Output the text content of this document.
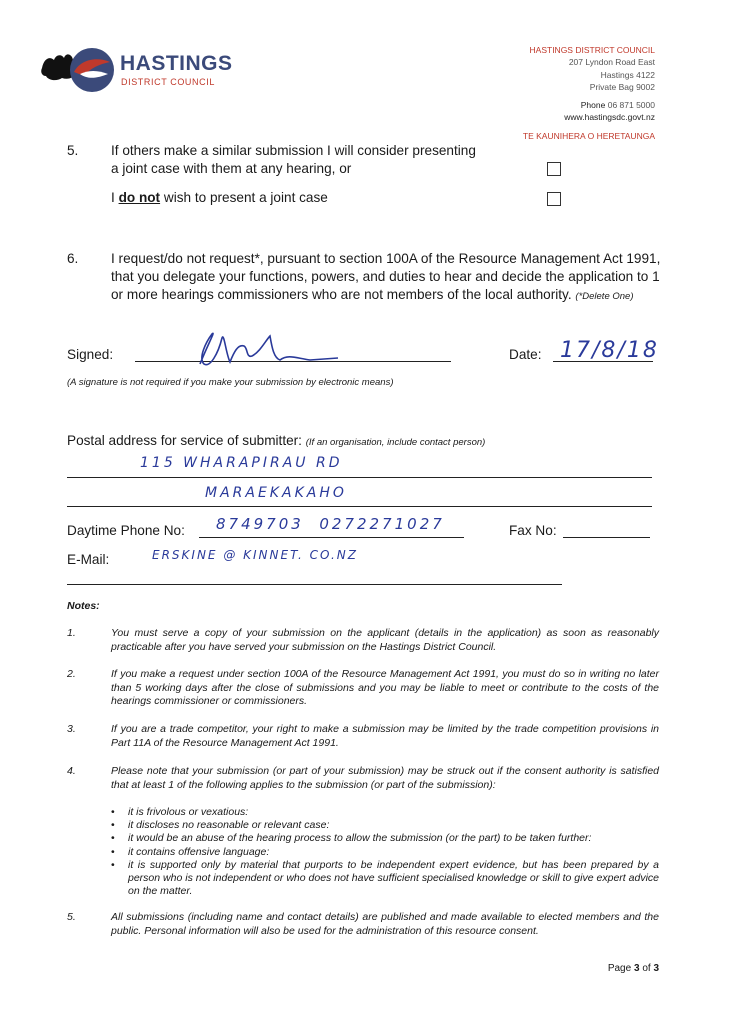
HASTINGS
DISTRICT COUNCIL
HASTINGS DISTRICT COUNCIL
207 Lyndon Road East
Hastings 4122
Private Bag 9002
Phone 06 871 5000
www.hastingsdc.govt.nz
TE KAUNIHERA O HERETAUNGA
5. If others make a similar submission I will consider presenting
a joint case with them at any hearing, or
I do not wish to present a joint case
6. I request/do not request*, pursuant to section 100A of the Resource Management Act 1991,
that you delegate your functions, powers, and duties to hear and decide the application to 1
or more hearings commissioners who are not members of the local authority. (*Delete One)
Signed:	Date: 17/8/18
(A signature is not required if you make your submission by electronic means)
Postal address for service of submitter: (If an organisation, include contact person)
115 WHARAPIRAU RD
MARAEKAKAHO
Daytime Phone No: 8749703  0272271027	Fax No:
E-Mail:	ERSKINE @ KINNET. CO.NZ
Notes:
1.	You must serve a copy of your submission on the applicant (details in the application) as soon as reasonably practicable after you have served your submission on the Hastings District Council.
2.	If you make a request under section 100A of the Resource Management Act 1991, you must do so in writing no later than 5 working days after the close of submissions and you may be liable to meet or contribute to the costs of the hearings commissioner or commissioners.
3.	If you are a trade competitor, your right to make a submission may be limited by the trade competition provisions in Part 11A of the Resource Management Act 1991.
4.	Please note that your submission (or part of your submission) may be struck out if the consent authority is satisfied that at least 1 of the following applies to the submission (or part of the submission):
• it is frivolous or vexatious:
• it discloses no reasonable or relevant case:
• it would be an abuse of the hearing process to allow the submission (or the part) to be taken further:
• it contains offensive language:
• it is supported only by material that purports to be independent expert evidence, but has been prepared by a person who is not independent or who does not have sufficient specialised knowledge or skill to give expert advice on the matter.
5.	All submissions (including name and contact details) are published and made available to elected members and the public. Personal information will also be used for the administration of this resource consent.
Page 3 of 3
